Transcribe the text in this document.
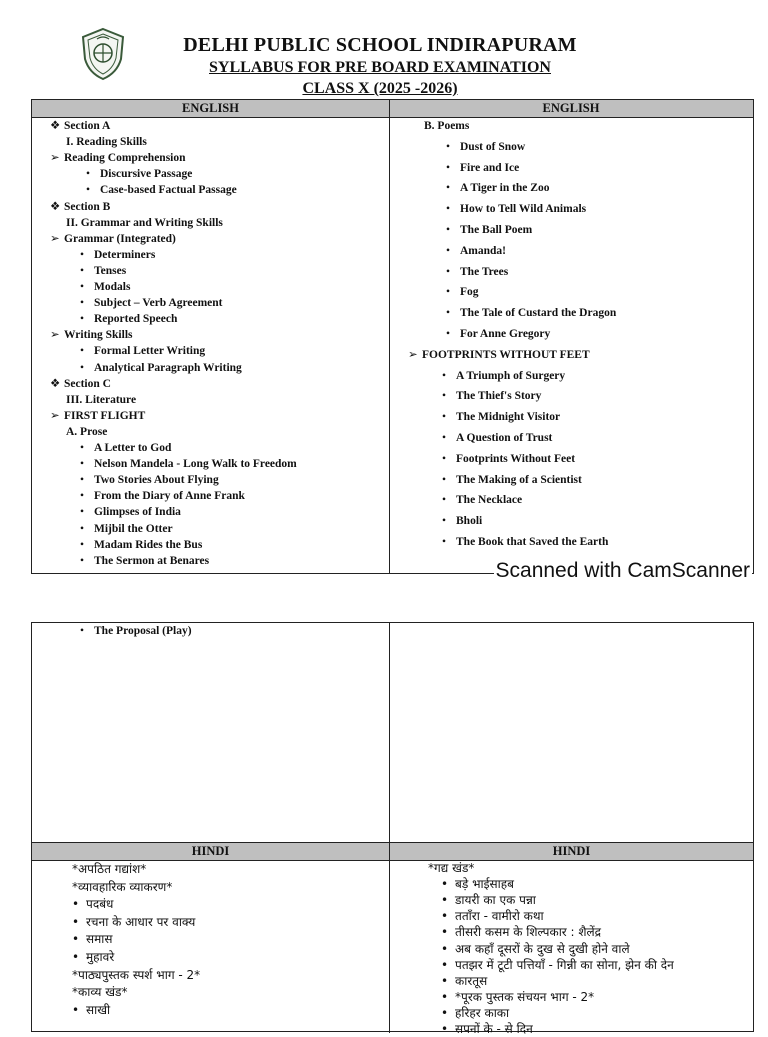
DELHI PUBLIC SCHOOL INDIRAPURAM
SYLLABUS FOR PRE BOARD EXAMINATION
CLASS X (2025 -2026)
ENGLISH	ENGLISH
❖ Section A
I. Reading Skills
➢ Reading Comprehension
• Discursive Passage
• Case-based Factual Passage
❖ Section B
II. Grammar and Writing Skills
➢ Grammar (Integrated)
• Determiners
• Tenses
• Modals
• Subject – Verb Agreement
• Reported Speech
➢ Writing Skills
• Formal Letter Writing
• Analytical Paragraph Writing
❖ Section C
III. Literature
➢ FIRST FLIGHT
A. Prose
• A Letter to God
• Nelson Mandela - Long Walk to Freedom
• Two Stories About Flying
• From the Diary of Anne Frank
• Glimpses of India
• Mijbil the Otter
• Madam Rides the Bus
• The Sermon at Benares
B. Poems
• Dust of Snow
• Fire and Ice
• A Tiger in the Zoo
• How to Tell Wild Animals
• The Ball Poem
• Amanda!
• The Trees
• Fog
• The Tale of Custard the Dragon
• For Anne Gregory
➢ FOOTPRINTS WITHOUT FEET
• A Triumph of Surgery
• The Thief's Story
• The Midnight Visitor
• A Question of Trust
• Footprints Without Feet
• The Making of a Scientist
• The Necklace
• Bholi
• The Book that Saved the Earth
Scanned with CamScanner
HINDI	HINDI
• The Proposal (Play)
*अपठित गद्यांश*
*व्यावहारिक व्याकरण*
• पदबंध
• रचना के आधार पर वाक्य
• समास
• मुहावरे
*पाठ्यपुस्तक स्पर्श भाग - 2*
*काव्य खंड*
• साखी
*गद्य खंड*
• बड़े भाईसाहब
• डायरी का एक पन्ना
• तताँरा - वामीरो कथा
• तीसरी कसम के शिल्पकार : शैलेंद्र
• अब कहाँ दूसरों के दुख से दुखी होने वाले
• पतझर में टूटी पत्तियाँ - गिन्नी का सोना, झेन की देन
• कारतूस
• *पूरक पुस्तक संचयन भाग - 2*
• हरिहर काका
• सपनों के - से दिन
